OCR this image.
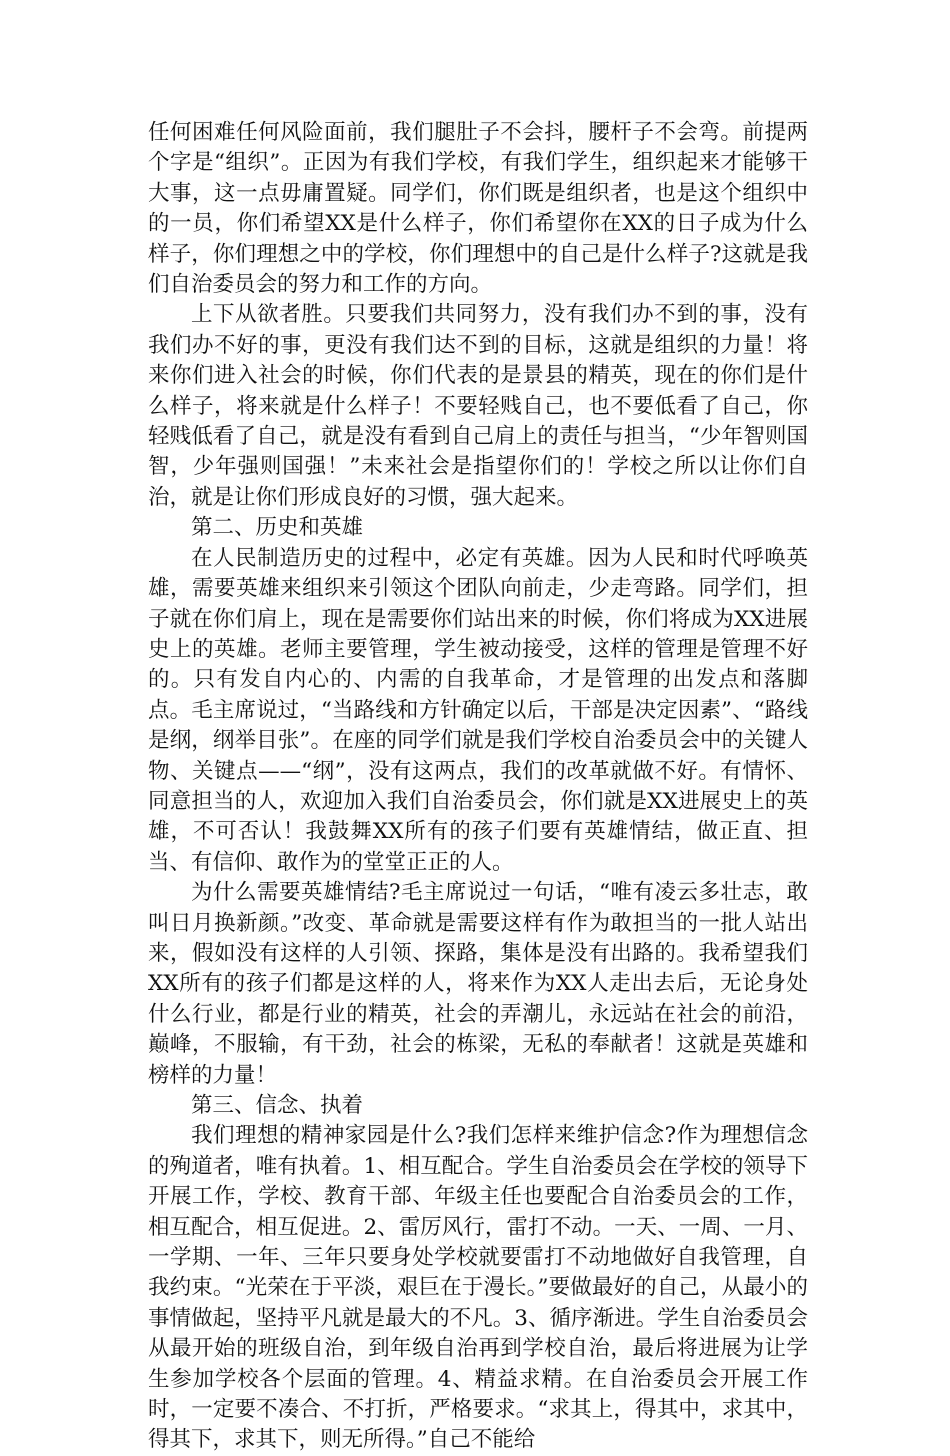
任何困难任何风险面前，我们腿肚子不会抖，腰杆子不会弯。前提两个字是“组织”。正因为有我们学校，有我们学生，组织起来才能够干大事，这一点毋庸置疑。同学们，你们既是组织者，也是这个组织中的一员，你们希望XX是什么样子，你们希望你在XX的日子成为什么样子，你们理想之中的学校，你们理想中的自己是什么样子?这就是我们自治委员会的努力和工作的方向。

上下从欲者胜。只要我们共同努力，没有我们办不到的事，没有我们办不好的事，更没有我们达不到的目标，这就是组织的力量！将来你们进入社会的时候，你们代表的是景县的精英，现在的你们是什么样子，将来就是什么样子！不要轻贱自己，也不要低看了自己，你轻贱低看了自己，就是没有看到自己肩上的责任与担当，“少年智则国智，少年强则国强！”未来社会是指望你们的！学校之所以让你们自治，就是让你们形成良好的习惯，强大起来。

第二、历史和英雄

在人民制造历史的过程中，必定有英雄。因为人民和时代呼唤英雄，需要英雄来组织来引领这个团队向前走，少走弯路。同学们，担子就在你们肩上，现在是需要你们站出来的时候，你们将成为XX进展史上的英雄。老师主要管理，学生被动接受，这样的管理是管理不好的。只有发自内心的、内需的自我革命，才是管理的出发点和落脚点。毛主席说过，“当路线和方针确定以后，干部是决定因素”、“路线是纲，纲举目张”。在座的同学们就是我们学校自治委员会中的关键人物、关键点——“纲”，没有这两点，我们的改革就做不好。有情怀、同意担当的人，欢迎加入我们自治委员会，你们就是XX进展史上的英雄，不可否认！我鼓舞XX所有的孩子们要有英雄情结，做正直、担当、有信仰、敢作为的堂堂正正的人。

为什么需要英雄情结?毛主席说过一句话，“唯有凌云多壮志，敢叫日月换新颜。”改变、革命就是需要这样有作为敢担当的一批人站出来，假如没有这样的人引领、探路，集体是没有出路的。我希望我们XX所有的孩子们都是这样的人，将来作为XX人走出去后，无论身处什么行业，都是行业的精英，社会的弄潮儿，永远站在社会的前沿，巅峰，不服输，有干劲，社会的栋梁，无私的奉献者！这就是英雄和榜样的力量！

第三、信念、执着

我们理想的精神家园是什么?我们怎样来维护信念?作为理想信念的殉道者，唯有执着。1、相互配合。学生自治委员会在学校的领导下开展工作，学校、教育干部、年级主任也要配合自治委员会的工作，相互配合，相互促进。2、雷厉风行，雷打不动。一天、一周、一月、一学期、一年、三年只要身处学校就要雷打不动地做好自我管理，自我约束。“光荣在于平淡，艰巨在于漫长。”要做最好的自己，从最小的事情做起，坚持平凡就是最大的不凡。3、循序渐进。学生自治委员会从最开始的班级自治，到年级自治再到学校自治，最后将进展为让学生参加学校各个层面的管理。4、精益求精。在自治委员会开展工作时，一定要不凑合、不打折，严格要求。“求其上，得其中，求其中，得其下，求其下，则无所得。”自己不能给
